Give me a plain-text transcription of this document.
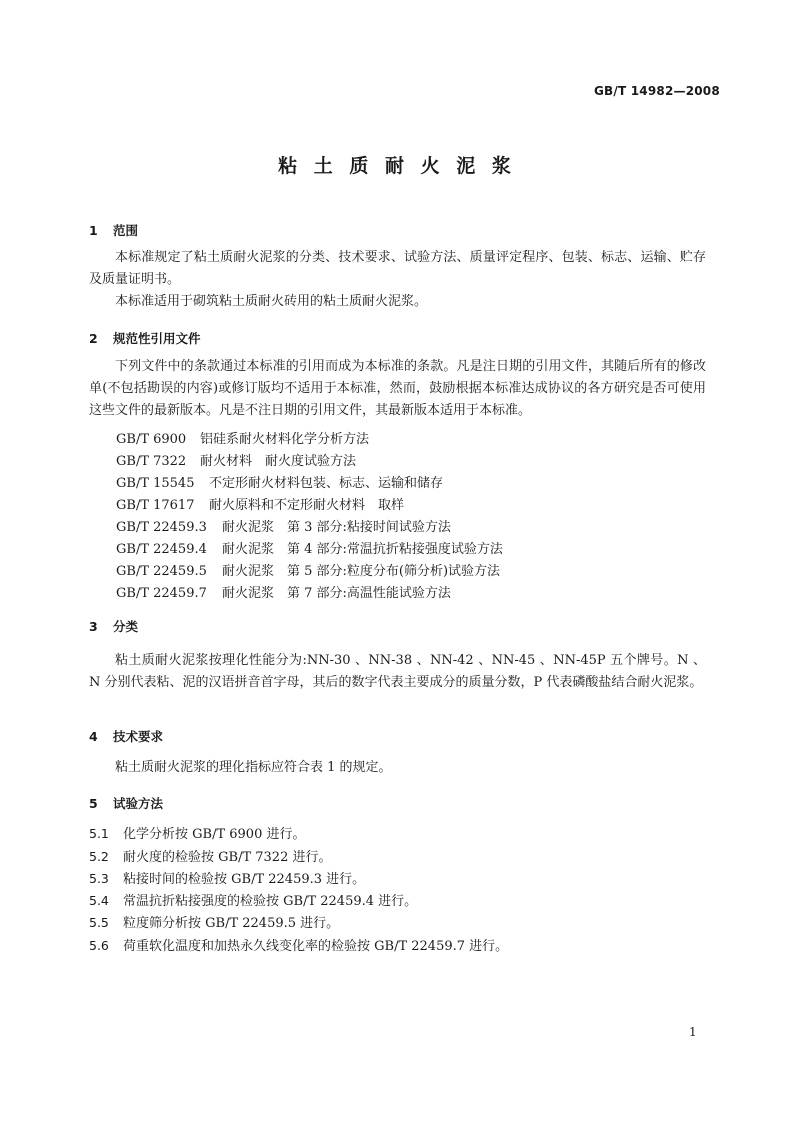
GB/T 14982—2008
粘 土 质 耐 火 泥 浆
1 范围
本标准规定了粘土质耐火泥浆的分类、技术要求、试验方法、质量评定程序、包装、标志、运输、贮存及质量证明书。
本标准适用于砌筑粘土质耐火砖用的粘土质耐火泥浆。
2 规范性引用文件
下列文件中的条款通过本标准的引用而成为本标准的条款。凡是注日期的引用文件，其随后所有的修改单(不包括勘误的内容)或修订版均不适用于本标准，然而，鼓励根据本标准达成协议的各方研究是否可使用这些文件的最新版本。凡是不注日期的引用文件，其最新版本适用于本标准。
GB/T 6900 铝硅系耐火材料化学分析方法
GB/T 7322 耐火材料　耐火度试验方法
GB/T 15545 不定形耐火材料包装、标志、运输和储存
GB/T 17617 耐火原料和不定形耐火材料　取样
GB/T 22459.3 耐火泥浆　第 3 部分:粘接时间试验方法
GB/T 22459.4 耐火泥浆　第 4 部分:常温抗折粘接强度试验方法
GB/T 22459.5 耐火泥浆　第 5 部分:粒度分布(筛分析)试验方法
GB/T 22459.7 耐火泥浆　第 7 部分:高温性能试验方法
3 分类
粘土质耐火泥浆按理化性能分为:NN-30 、NN-38 、NN-42 、NN-45 、NN-45P 五个牌号。N 、N 分别代表粘、泥的汉语拼音首字母，其后的数字代表主要成分的质量分数，P 代表磷酸盐结合耐火泥浆。
4 技术要求
粘土质耐火泥浆的理化指标应符合表 1 的规定。
5 试验方法
5.1 化学分析按 GB/T 6900 进行。
5.2 耐火度的检验按 GB/T 7322 进行。
5.3 粘接时间的检验按 GB/T 22459.3 进行。
5.4 常温抗折粘接强度的检验按 GB/T 22459.4 进行。
5.5 粒度筛分析按 GB/T 22459.5 进行。
5.6 荷重软化温度和加热永久线变化率的检验按 GB/T 22459.7 进行。
1
